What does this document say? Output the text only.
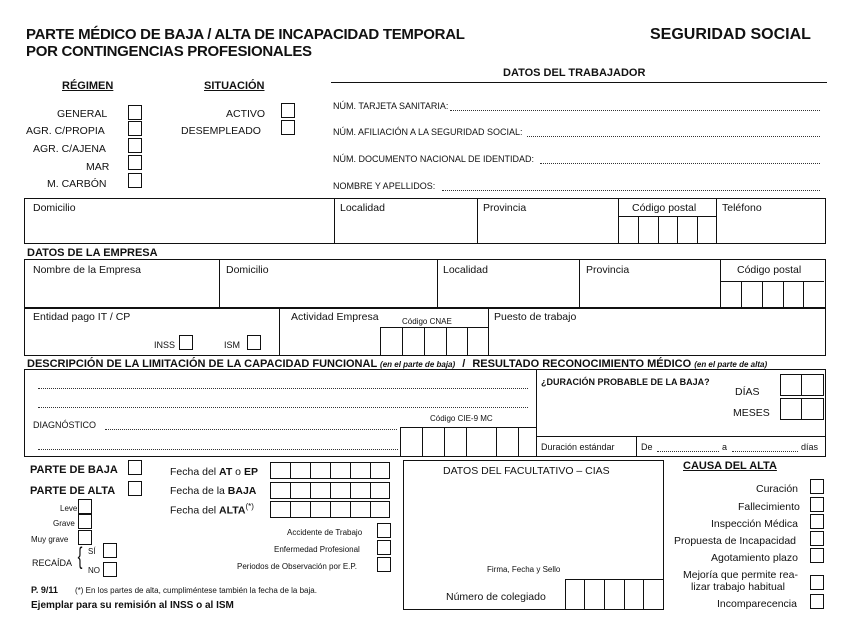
PARTE MÉDICO DE BAJA / ALTA DE INCAPACIDAD TEMPORAL
POR CONTINGENCIAS PROFESIONALES
SEGURIDAD SOCIAL
RÉGIMEN
GENERAL
AGR. C/PROPIA
AGR. C/AJENA
MAR
M. CARBÓN
SITUACIÓN
ACTIVO
DESEMPLEADO
DATOS DEL TRABAJADOR
NÚM. TARJETA SANITARIA:
NÚM. AFILIACIÓN A LA SEGURIDAD SOCIAL:
NÚM. DOCUMENTO NACIONAL DE IDENTIDAD:
NOMBRE Y APELLIDOS:
Domicilio	Localidad	Provincia	Código postal Teléfono
DATOS DE LA EMPRESA
Nombre de la Empresa	Domicilio	Localidad	Provincia	Código postal
Entidad pago IT / CP
INSS	ISM
Actividad Empresa	Código CNAE	Puesto de trabajo
DESCRIPCIÓN DE LA LIMITACIÓN DE LA CAPACIDAD FUNCIONAL (en el parte de baja) / RESULTADO RECONOCIMIENTO MÉDICO (en el parte de alta)
DIAGNÓSTICO
Código CIE-9 MC
¿DURACIÓN PROBABLE DE LA BAJA?
DÍAS
MESES
Duración estándar	De	a	días
PARTE DE BAJA
PARTE DE ALTA
Leve
Grave
Muy grave
RECAÍDA { SÍ
NO
Fecha del AT o EP
Fecha de la BAJA
Fecha del ALTA(*)
Accidente de Trabajo
Enfermedad Profesional
Periodos de Observación por E.P.
DATOS DEL FACULTATIVO – CIAS
Firma, Fecha y Sello
Número de colegiado
CAUSA DEL ALTA
Curación
Fallecimiento
Inspección Médica
Propuesta de Incapacidad
Agotamiento plazo
Mejoría que permite rea-
lizar trabajo habitual
Incomparecencia
P. 9/11 (*) En los partes de alta, cumpliméntese también la fecha de la baja.
Ejemplar para su remisión al INSS o al ISM
